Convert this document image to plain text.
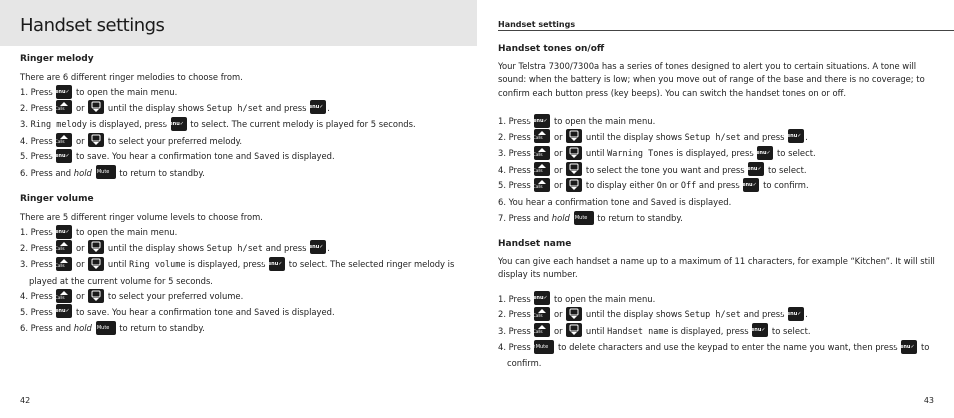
Handset settings

Ringer melody

There are 6 different ringer melodies to choose from.

1. Press Menu✓ to open the main menu.
2. Press Calls	or
until the display shows Setup h/set and press Menu✓ .
3. Ring melody is displayed, press Menu✓ to select. The current melody is played for 5 seconds.
4. Press Calls	or
to select your preferred melody.
5. Press Menu✓ to save. You hear a confirmation tone and Saved is displayed.
6. Press and hold ✕Mute to return to standby.

Ringer volume

There are 5 different ringer volume levels to choose from.

1. Press Menu✓ to open the main menu.
2. Press Calls	or
until the display shows Setup h/set and press Menu✓ .
3. Press Calls	or
until Ring volume is displayed, press Menu✓ to select. The selected ringer melody is played at the current volume for 5 seconds.
4. Press Calls	or
to select your preferred volume.
5. Press Menu✓ to save. You hear a confirmation tone and Saved is displayed.
6. Press and hold ✕Mute to return to standby.
42
Handset settings

Handset tones on/off

Your Telstra 7300/7300a has a series of tones designed to alert you to certain situations. A tone will sound: when the battery is low; when you move out of range of the base and there is no coverage; to confirm each button press (key beeps). You can switch the handset tones on or off.

1. Press Menu✓ to open the main menu.
2. Press Calls	or
until the display shows Setup h/set and press Menu✓ .
3. Press Calls	or
until Warning Tones is displayed, press Menu✓ to select.
4. Press Calls	or
to select the tone you want and press Menu✓ to select.
5. Press Calls	or
to display either On or Off and press Menu✓ to confirm.
6. You hear a confirmation tone and Saved is displayed.
7. Press and hold ✕Mute to return to standby.

Handset name

You can give each handset a name up to a maximum of 11 characters, for example “Kitchen”. It will still display its number.

1. Press Menu✓ to open the main menu.
2. Press Calls	or
until the display shows Setup h/set and press Menu✓ .
3. Press Calls	or
until Handset name is displayed, press Menu✓ to select.
4. Press ✕Mute to delete characters and use the keypad to enter the name you want, then press Menu✓ to confirm.
43
